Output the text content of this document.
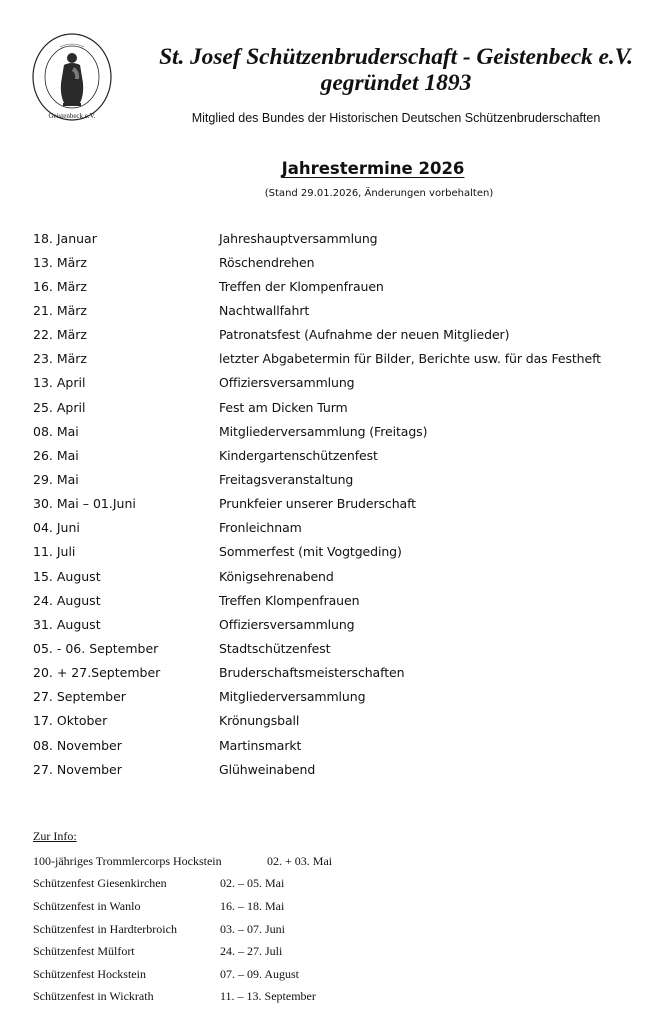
Geistenbeck e.V.
St. Josef Schützenbruderschaft - Geistenbeck e.V.
gegründet 1893
Mitglied des Bundes der Historischen Deutschen Schützenbruderschaften
Jahrestermine 2026
(Stand 29.01.2026, Änderungen vorbehalten)
18. Januar	Jahreshauptversammlung
13. März	Röschendrehen
16. März	Treffen der Klompenfrauen
21. März	Nachtwallfahrt
22. März	Patronatsfest (Aufnahme der neuen Mitglieder)
23. März	letzter Abgabetermin für Bilder, Berichte usw. für das Festheft
13. April	Offiziersversammlung
25. April	Fest am Dicken Turm
08. Mai	Mitgliederversammlung (Freitags)
26. Mai	Kindergartenschützenfest
29. Mai	Freitagsveranstaltung
30. Mai – 01.Juni	Prunkfeier unserer Bruderschaft
04. Juni	Fronleichnam
11. Juli	Sommerfest (mit Vogtgeding)
15. August	Königsehrenabend
24. August	Treffen Klompenfrauen
31. August	Offiziersversammlung
05. - 06. September	Stadtschützenfest
20. + 27.September	Bruderschaftsmeisterschaften
27. September	Mitgliederversammlung
17. Oktober	Krönungsball
08. November	Martinsmarkt
27. November	Glühweinabend
Zur Info:
100-jähriges Trommlercorps Hockstein	02. + 03. Mai
Schützenfest Giesenkirchen	02. – 05. Mai
Schützenfest in Wanlo	16. – 18. Mai
Schützenfest in Hardterbroich	03. – 07. Juni
Schützenfest Mülfort	24. – 27. Juli
Schützenfest Hockstein	07. – 09. August
Schützenfest in Wickrath	11. – 13. September
